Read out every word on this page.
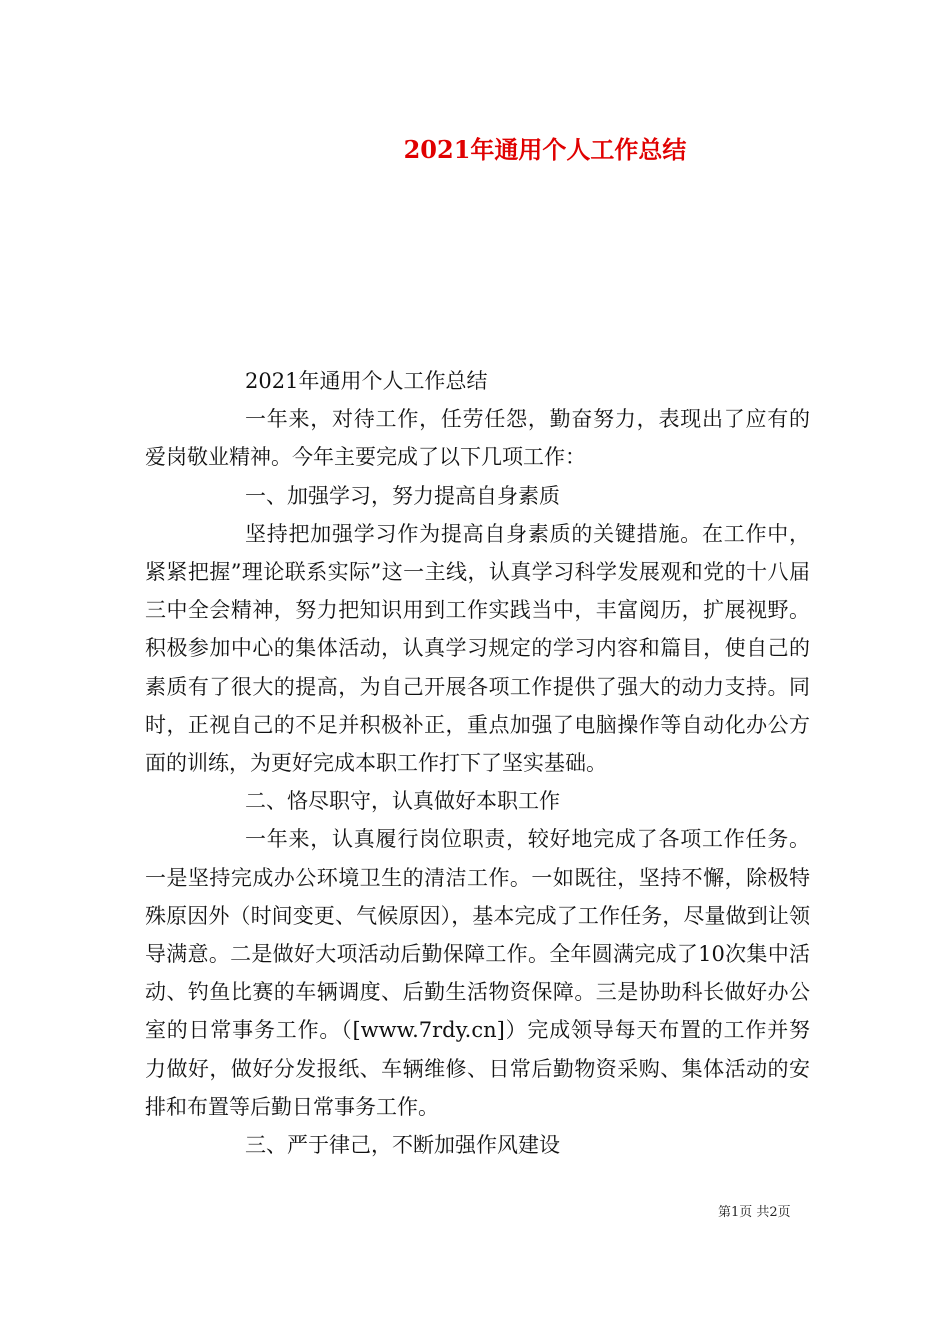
2021年通用个人工作总结

2021年通用个人工作总结

一年来，对待工作，任劳任怨，勤奋努力，表现出了应有的爱岗敬业精神。今年主要完成了以下几项工作：

一、加强学习，努力提高自身素质

坚持把加强学习作为提高自身素质的关键措施。在工作中，紧紧把握”理论联系实际”这一主线，认真学习科学发展观和党的十八届三中全会精神，努力把知识用到工作实践当中，丰富阅历，扩展视野。积极参加中心的集体活动，认真学习规定的学习内容和篇目，使自己的素质有了很大的提高，为自己开展各项工作提供了强大的动力支持。同时，正视自己的不足并积极补正，重点加强了电脑操作等自动化办公方面的训练，为更好完成本职工作打下了坚实基础。

二、恪尽职守，认真做好本职工作

一年来，认真履行岗位职责，较好地完成了各项工作任务。一是坚持完成办公环境卫生的清洁工作。一如既往，坚持不懈，除极特殊原因外（时间变更、气候原因），基本完成了工作任务，尽量做到让领导满意。二是做好大项活动后勤保障工作。全年圆满完成了10次集中活动、钓鱼比赛的车辆调度、后勤生活物资保障。三是协助科长做好办公室的日常事务工作。（[www.7rdy.cn]）完成领导每天布置的工作并努力做好，做好分发报纸、车辆维修、日常后勤物资采购、集体活动的安排和布置等后勤日常事务工作。

三、严于律己，不断加强作风建设

第1页 共2页
